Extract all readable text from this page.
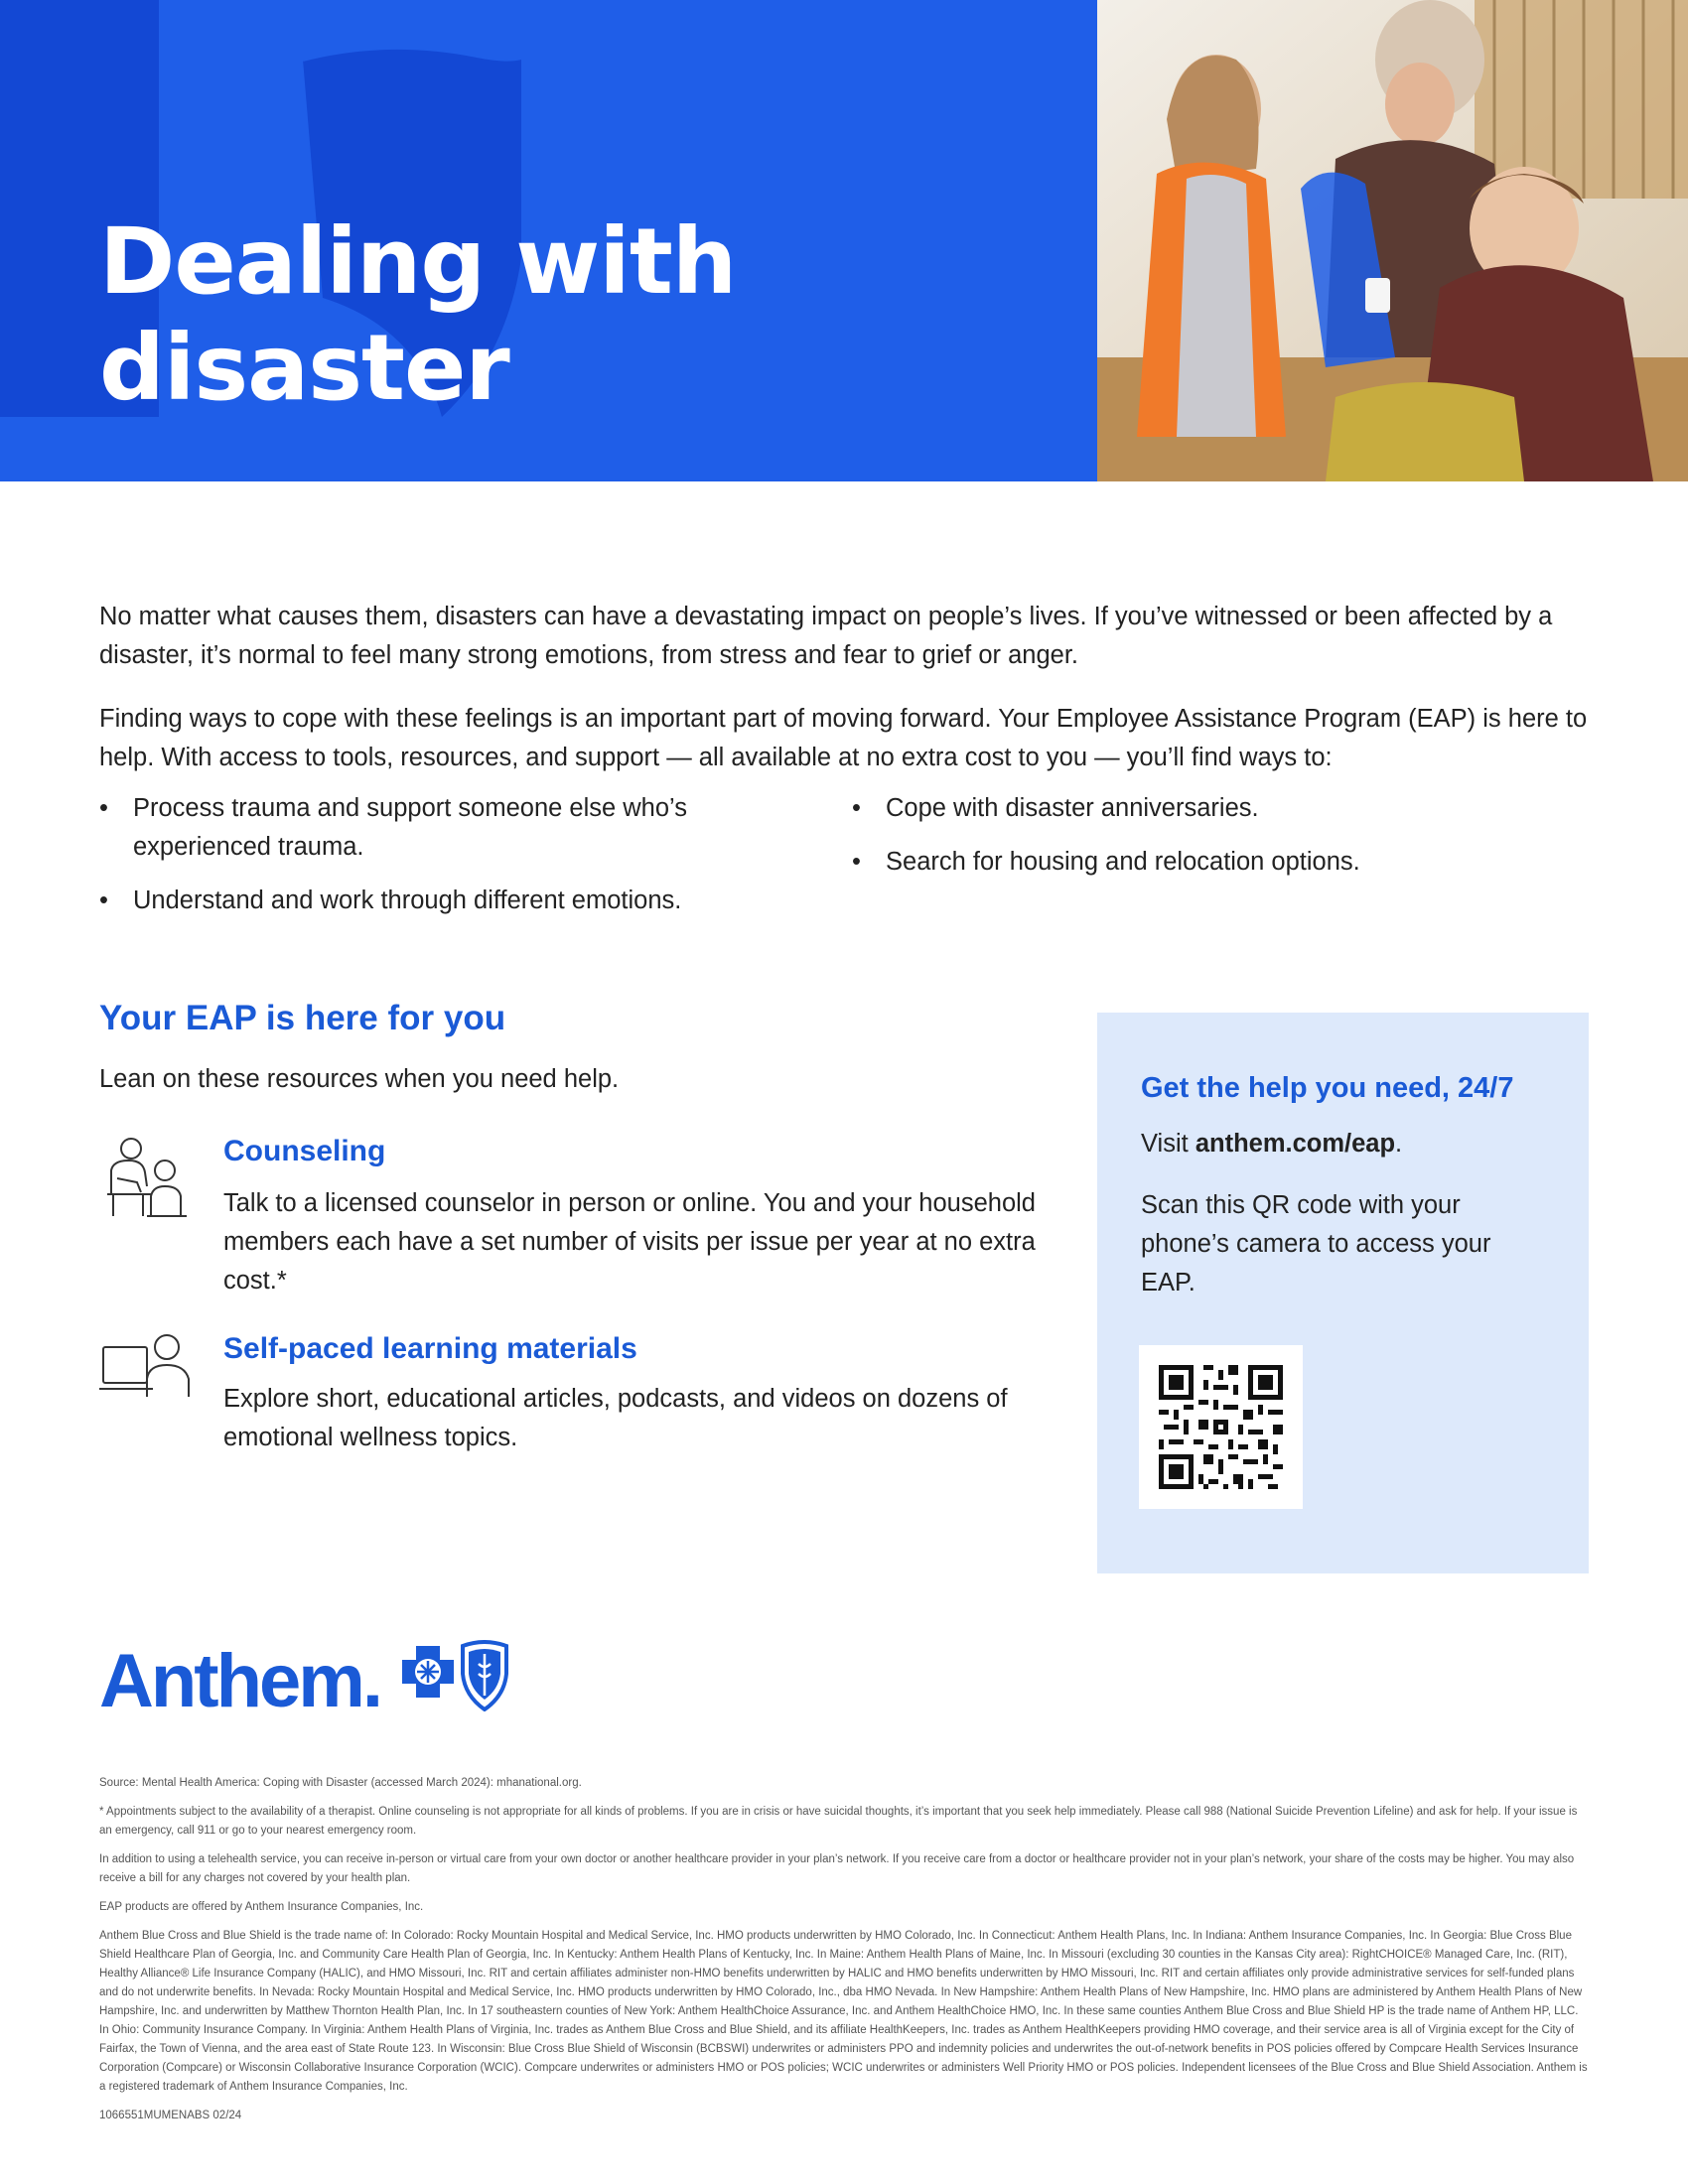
Dealing with disaster

No matter what causes them, disasters can have a devastating impact on people’s lives. If you’ve witnessed or been affected by a disaster, it’s normal to feel many strong emotions, from stress and fear to grief or anger.

Finding ways to cope with these feelings is an important part of moving forward. Your Employee Assistance Program (EAP) is here to help. With access to tools, resources, and support — all available at no extra cost to you — you’ll find ways to:

• Process trauma and support someone else who’s experienced trauma.
• Understand and work through different emotions.
• Cope with disaster anniversaries.
• Search for housing and relocation options.
Your EAP is here for you
Lean on these resources when you need help.
Counseling
Talk to a licensed counselor in person or online. You and your household members each have a set number of visits per issue per year at no extra cost.*
Self-paced learning materials
Explore short, educational articles, podcasts, and videos on dozens of emotional wellness topics.
Get the help you need, 24/7
Visit anthem.com/eap.
Scan this QR code with your phone’s camera to access your EAP.
Anthem.

Source: Mental Health America: Coping with Disaster (accessed March 2024): mhanational.org.

* Appointments subject to the availability of a therapist. Online counseling is not appropriate for all kinds of problems. If you are in crisis or have suicidal thoughts, it’s important that you seek help immediately. Please call 988 (National Suicide Prevention Lifeline) and ask for help. If your issue is an emergency, call 911 or go to your nearest emergency room.

In addition to using a telehealth service, you can receive in-person or virtual care from your own doctor or another healthcare provider in your plan’s network. If you receive care from a doctor or healthcare provider not in your plan’s network, your share of the costs may be higher. You may also receive a bill for any charges not covered by your health plan.

EAP products are offered by Anthem Insurance Companies, Inc.

Anthem Blue Cross and Blue Shield is the trade name of: In Colorado: Rocky Mountain Hospital and Medical Service, Inc. HMO products underwritten by HMO Colorado, Inc. In Connecticut: Anthem Health Plans, Inc. In Indiana: Anthem Insurance Companies, Inc. In Georgia: Blue Cross Blue Shield Healthcare Plan of Georgia, Inc. and Community Care Health Plan of Georgia, Inc. In Kentucky: Anthem Health Plans of Kentucky, Inc. In Maine: Anthem Health Plans of Maine, Inc. In Missouri (excluding 30 counties in the Kansas City area): RightCHOICE® Managed Care, Inc. (RIT), Healthy Alliance® Life Insurance Company (HALIC), and HMO Missouri, Inc. RIT and certain affiliates administer non-HMO benefits underwritten by HALIC and HMO benefits underwritten by HMO Missouri, Inc. RIT and certain affiliates only provide administrative services for self-funded plans and do not underwrite benefits. In Nevada: Rocky Mountain Hospital and Medical Service, Inc. HMO products underwritten by HMO Colorado, Inc., dba HMO Nevada. In New Hampshire: Anthem Health Plans of New Hampshire, Inc. HMO plans are administered by Anthem Health Plans of New Hampshire, Inc. and underwritten by Matthew Thornton Health Plan, Inc. In 17 southeastern counties of New York: Anthem HealthChoice Assurance, Inc. and Anthem HealthChoice HMO, Inc. In these same counties Anthem Blue Cross and Blue Shield HP is the trade name of Anthem HP, LLC. In Ohio: Community Insurance Company. In Virginia: Anthem Health Plans of Virginia, Inc. trades as Anthem Blue Cross and Blue Shield, and its affiliate HealthKeepers, Inc. trades as Anthem HealthKeepers providing HMO coverage, and their service area is all of Virginia except for the City of Fairfax, the Town of Vienna, and the area east of State Route 123. In Wisconsin: Blue Cross Blue Shield of Wisconsin (BCBSWI) underwrites or administers PPO and indemnity policies and underwrites the out-of-network benefits in POS policies offered by Compcare Health Services Insurance Corporation (Compcare) or Wisconsin Collaborative Insurance Corporation (WCIC). Compcare underwrites or administers HMO or POS policies; WCIC underwrites or administers Well Priority HMO or POS policies. Independent licensees of the Blue Cross and Blue Shield Association. Anthem is a registered trademark of Anthem Insurance Companies, Inc.

1066551MUMENABS 02/24
